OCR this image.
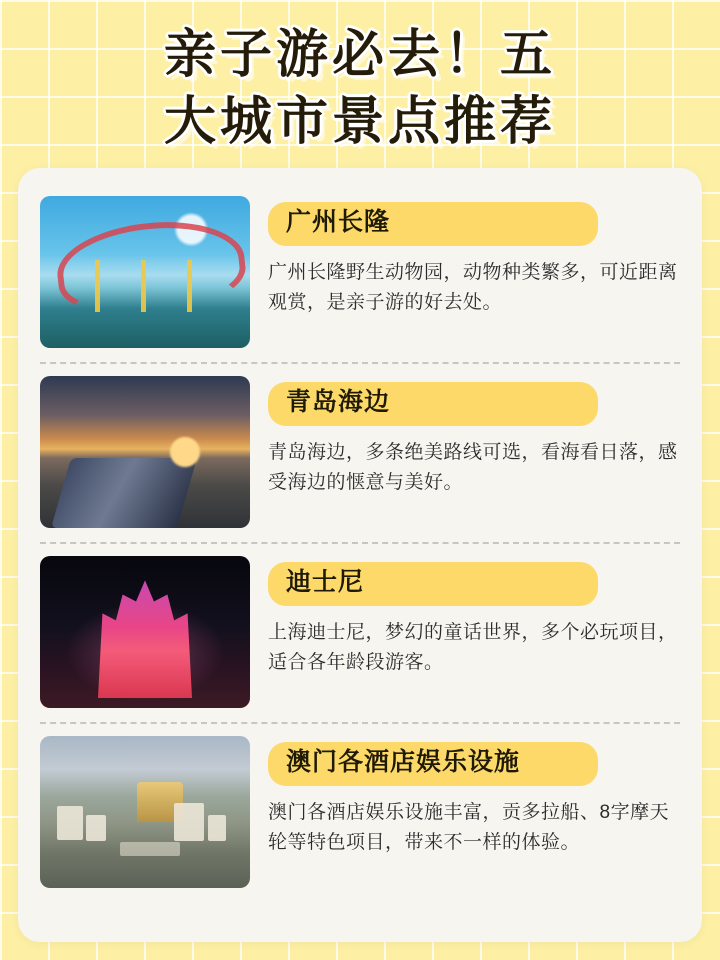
亲子游必去！五
大城市景点推荐
广州长隆
广州长隆野生动物园，动物种类繁多，可近距离观赏，是亲子游的好去处。
青岛海边
青岛海边，多条绝美路线可选，看海看日落，感受海边的惬意与美好。
迪士尼
上海迪士尼，梦幻的童话世界，多个必玩项目，适合各年龄段游客。
澳门各酒店娱乐设施
澳门各酒店娱乐设施丰富，贡多拉船、8字摩天轮等特色项目，带来不一样的体验。
